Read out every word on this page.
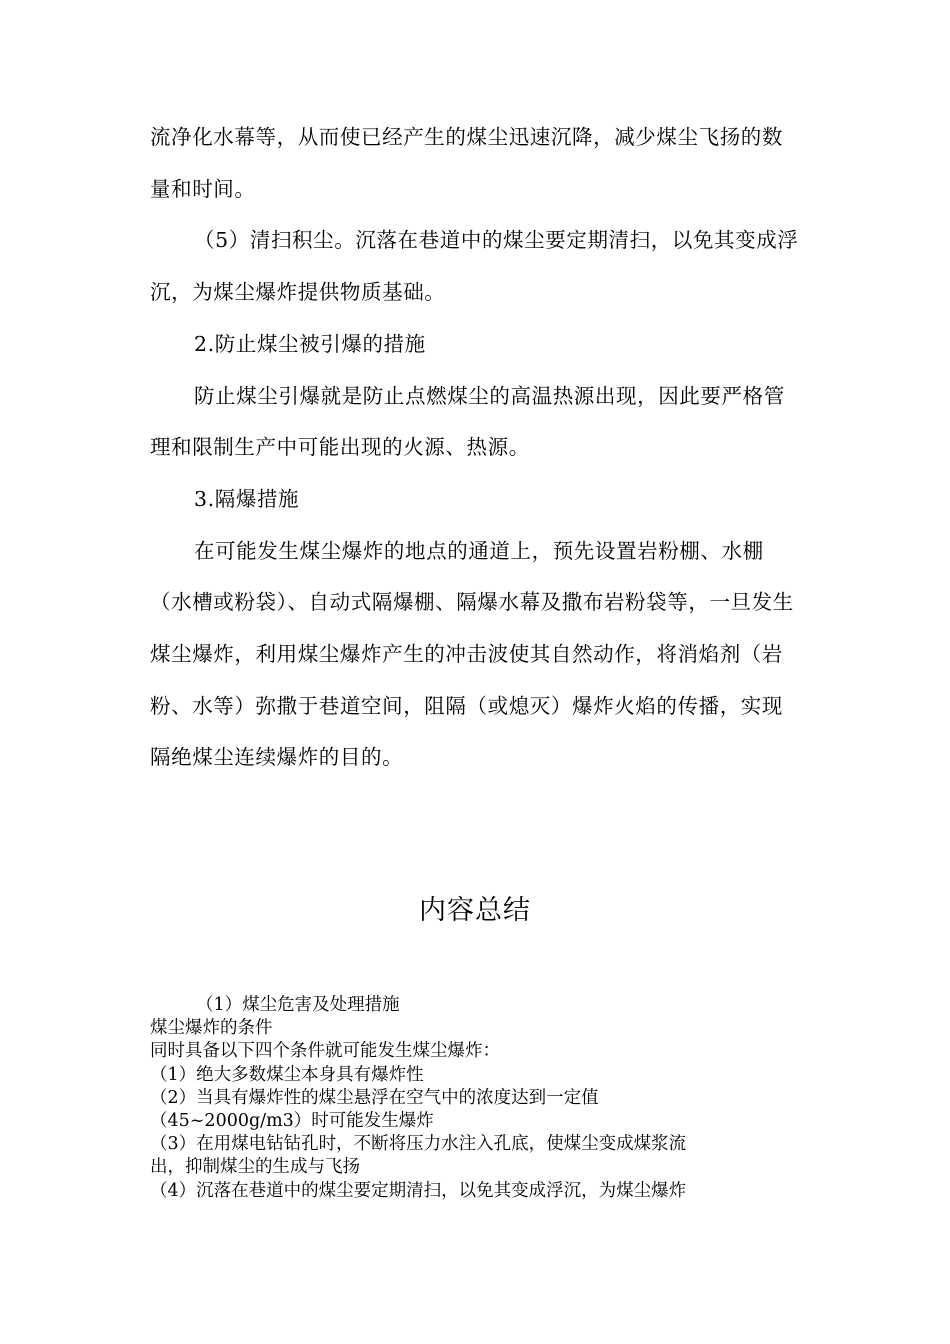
流净化水幕等，从而使已经产生的煤尘迅速沉降，减少煤尘飞扬的数量和时间。

（5）清扫积尘。沉落在巷道中的煤尘要定期清扫，以免其变成浮沉，为煤尘爆炸提供物质基础。

2.防止煤尘被引爆的措施

防止煤尘引爆就是防止点燃煤尘的高温热源出现，因此要严格管理和限制生产中可能出现的火源、热源。

3.隔爆措施

在可能发生煤尘爆炸的地点的通道上，预先设置岩粉棚、水棚（水槽或粉袋）、自动式隔爆棚、隔爆水幕及撒布岩粉袋等，一旦发生煤尘爆炸，利用煤尘爆炸产生的冲击波使其自然动作，将消焰剂（岩粉、水等）弥撒于巷道空间，阻隔（或熄灭）爆炸火焰的传播，实现隔绝煤尘连续爆炸的目的。

内容总结

（1）煤尘危害及处理措施

煤尘爆炸的条件

同时具备以下四个条件就可能发生煤尘爆炸：

（1）绝大多数煤尘本身具有爆炸性

（2）当具有爆炸性的煤尘悬浮在空气中的浓度达到一定值

（45~2000g/m3）时可能发生爆炸

（3）在用煤电钻钻孔时，不断将压力水注入孔底，使煤尘变成煤浆流

出，抑制煤尘的生成与飞扬

（4）沉落在巷道中的煤尘要定期清扫，以免其变成浮沉，为煤尘爆炸
